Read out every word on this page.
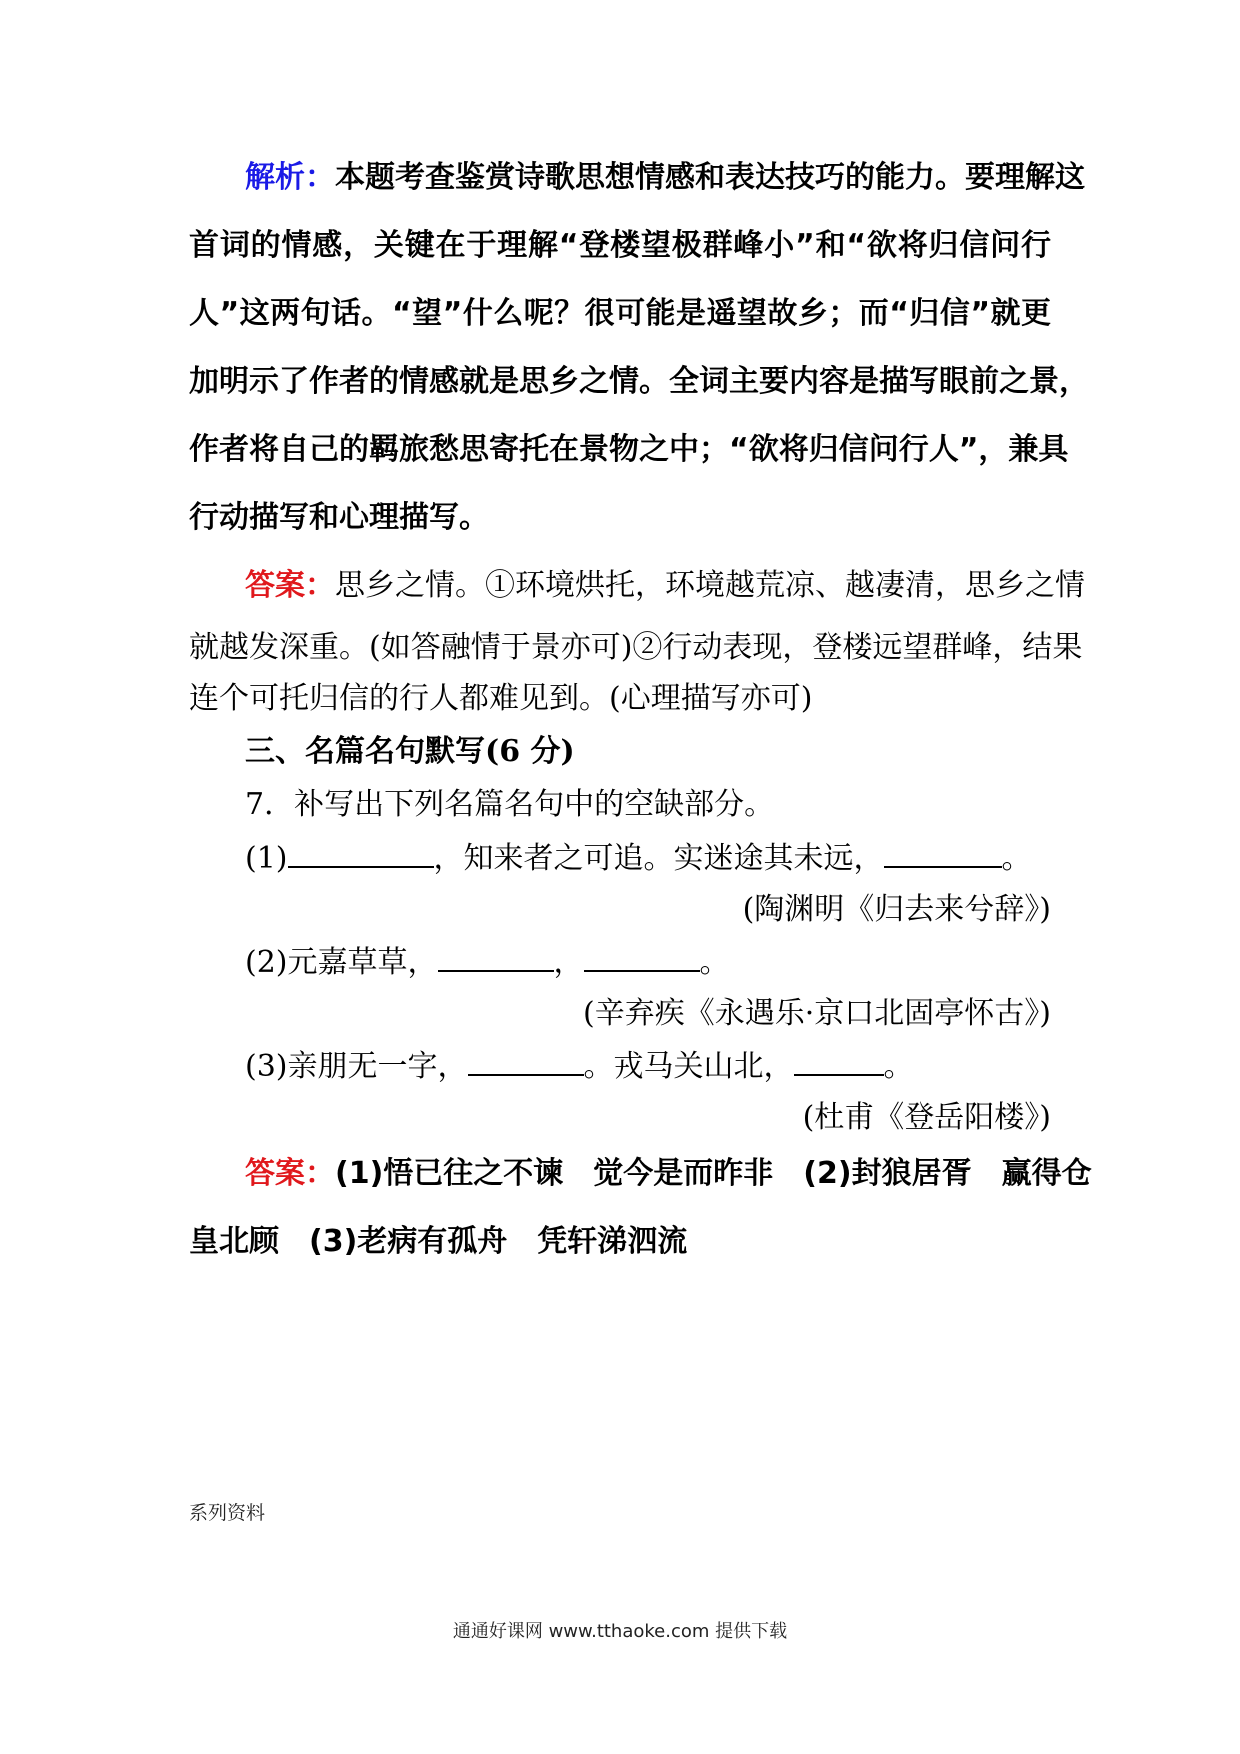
解析：本题考查鉴赏诗歌思想情感和表达技巧的能力。要理解这
首词的情感，关键在于理解“登楼望极群峰小”和“欲将归信问行
人”这两句话。“望”什么呢？很可能是遥望故乡；而“归信”就更
加明示了作者的情感就是思乡之情。全词主要内容是描写眼前之景，
作者将自己的羁旅愁思寄托在景物之中；“欲将归信问行人”，兼具
行动描写和心理描写。
答案：思乡之情。①环境烘托，环境越荒凉、越凄清，思乡之情
就越发深重。(如答融情于景亦可)②行动表现，登楼远望群峰，结果
连个可托归信的行人都难见到。(心理描写亦可)
三、名篇名句默写(6 分)
7．补写出下列名篇名句中的空缺部分。
(1)	，知来者之可追。实迷途其未远，	。
(陶渊明《归去来兮辞》)
(2)元嘉草草，	，	。
(辛弃疾《永遇乐·京口北固亭怀古》)
(3)亲朋无一字，	。戎马关山北，	。
(杜甫《登岳阳楼》)
答案：(1)悟已往之不谏　觉今是而昨非　(2)封狼居胥　赢得仓
皇北顾　(3)老病有孤舟　凭轩涕泗流
系列资料
通通好课网 www.tthaoke.com 提供下载
